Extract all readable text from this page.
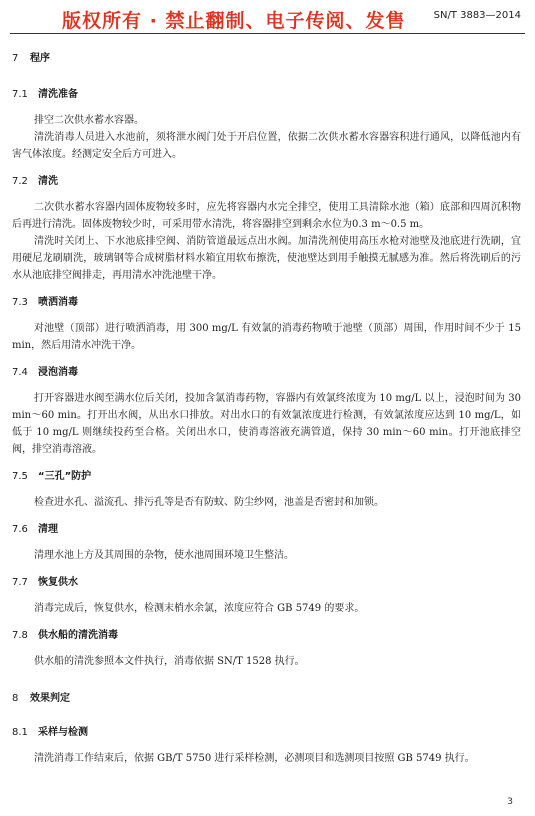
版权所有 · 禁止翻制、电子传阅、发售	SN/T 3883—2014
7 程序
7.1 清洗准备

排空二次供水蓄水容器。

清洗消毒人员进入水池前，须将泄水阀门处于开启位置，依据二次供水蓄水容器容积进行通风，以降低池内有害气体浓度。经测定安全后方可进入。

7.2 清洗

二次供水蓄水容器内固体废物较多时，应先将容器内水完全排空，使用工具清除水池（箱）底部和四周沉积物后再进行清洗。固体废物较少时，可采用带水清洗，将容器排空到剩余水位为0.3 m～0.5 m。

清洗时关闭上、下水池底排空阀、消防管道最远点出水阀。加清洗剂使用高压水枪对池壁及池底进行洗刷，宜用硬尼龙刷刷洗，玻璃钢等合成树脂材料水箱宜用软布擦洗，使池壁达到用手触摸无腻感为准。然后将洗刷后的污水从池底排空阀排走，再用清水冲洗池壁干净。

7.3 喷洒消毒

对池壁（顶部）进行喷洒消毒，用 300 mg/L 有效氯的消毒药物喷于池壁（顶部）周围，作用时间不少于 15 min，然后用清水冲洗干净。

7.4 浸泡消毒

打开容器进水阀至满水位后关闭，投加含氯消毒药物，容器内有效氯终浓度为 10 mg/L 以上，浸泡时间为 30 min～60 min。打开出水阀，从出水口排放。对出水口的有效氯浓度进行检测，有效氯浓度应达到 10 mg/L，如低于 10 mg/L 则继续投药至合格。关闭出水口，使消毒溶液充满管道，保持 30 min～60 min。打开池底排空阀，排空消毒溶液。

7.5 “三孔”防护

检查进水孔、溢流孔、排污孔等是否有防蚊、防尘纱网，池盖是否密封和加锁。

7.6 清理

清理水池上方及其周围的杂物，使水池周围环境卫生整洁。

7.7 恢复供水

消毒完成后，恢复供水，检测末梢水余氯，浓度应符合 GB 5749 的要求。

7.8 供水船的清洗消毒

供水船的清洗参照本文件执行，消毒依据 SN/T 1528 执行。

8 效果判定
8.1 采样与检测

清洗消毒工作结束后，依据 GB/T 5750 进行采样检测，必测项目和选测项目按照 GB 5749 执行。

3
